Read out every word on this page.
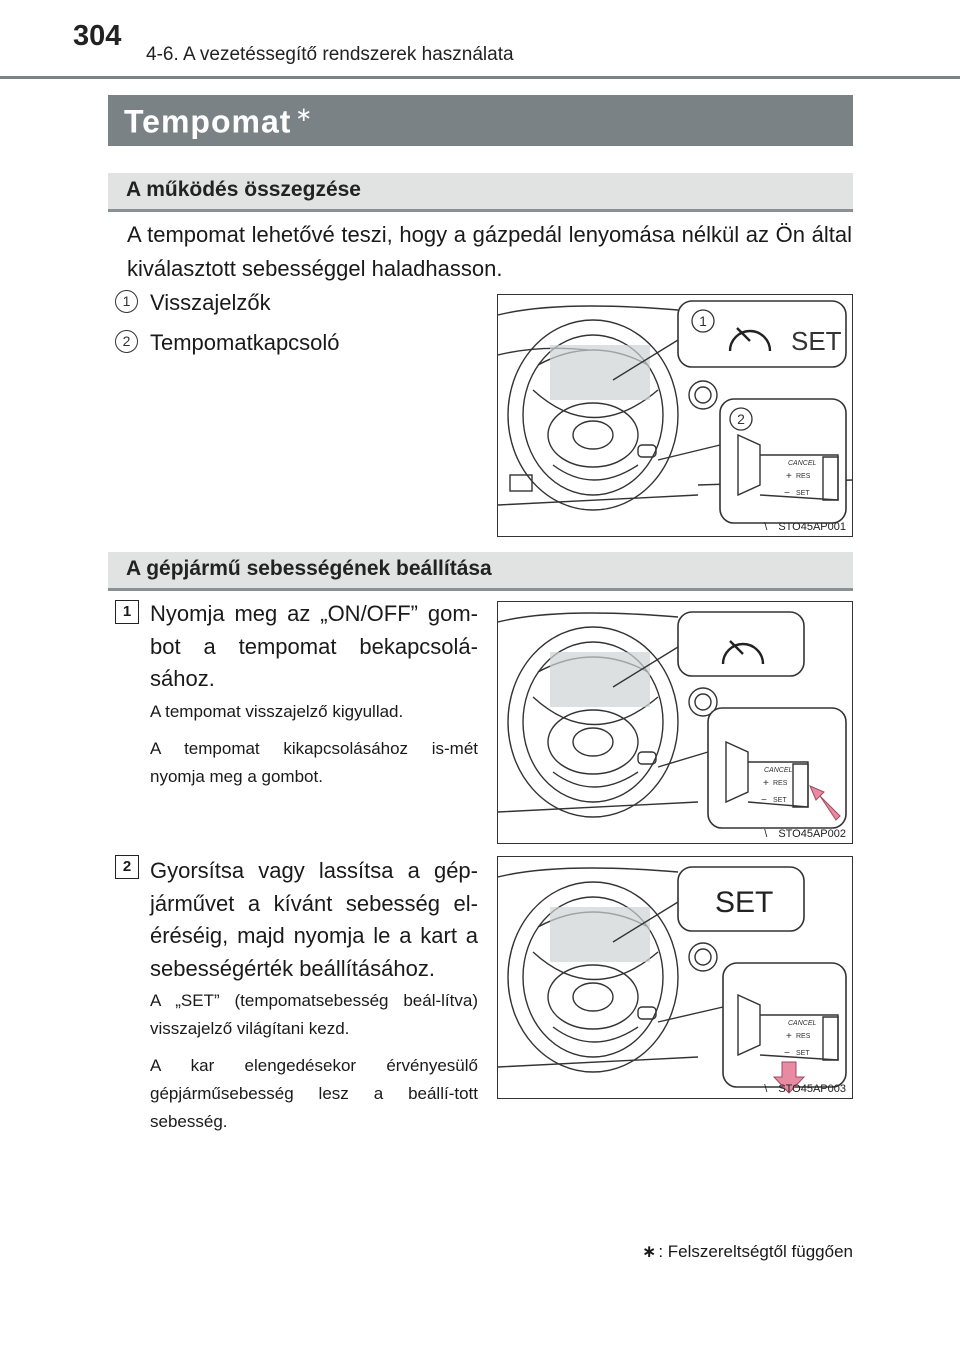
304
4-6. A vezetéssegítő rendszerek használata
Tempomat ∗
A működés összegzése
A tempomat lehetővé teszi, hogy a gázpedál lenyomása nélkül az Ön által kiválasztott sebességgel haladhasson.
1 Visszajelzők
2 Tempomatkapcsoló
1
2
SET
CANCEL
RES
SET
+
−
\ STO45AP001
A gépjármű sebességének beállítása
1 Nyomja meg az „ON/OFF” gom-bot a tempomat bekapcsolá-sához.
A tempomat visszajelző kigyullad.
A tempomat kikapcsolásához is-mét nyomja meg a gombot.	CANCEL
RES
SET
+
−
\ STO45AP002
2 Gyorsítsa vagy lassítsa a gép-járművet a kívánt sebesség el-éréséig, majd nyomja le a kart a sebességérték beállításához.
A „SET” (tempomatsebesség beál-lítva) visszajelző világítani kezd.
A kar elengedésekor érvényesülő gépjárműsebesség lesz a beállí-tott sebesség.
SET
CANCEL
RES
SET
+
−
\ STO45AP003
∗ : Felszereltségtől függően
